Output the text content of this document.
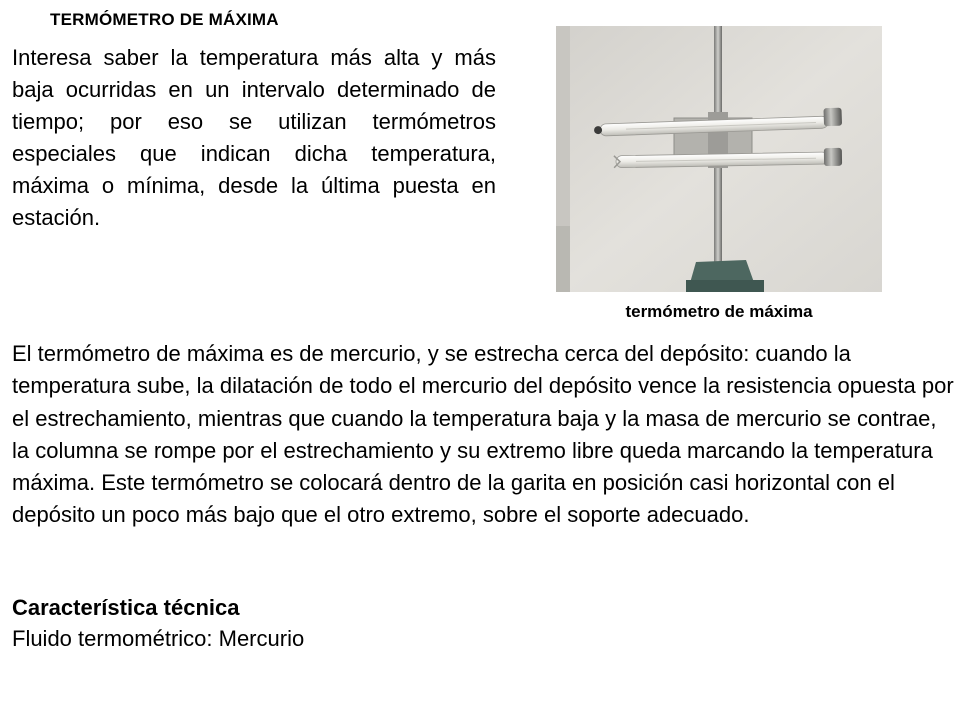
TERMÓMETRO DE MÁXIMA

Interesa saber la temperatura más alta y más baja ocurridas en un intervalo determinado de tiempo; por eso se utilizan termómetros especiales que indican dicha temperatura, máxima o mínima, desde la última puesta en estación.

termómetro de máxima

El termómetro de máxima es de mercurio, y se estrecha cerca del depósito: cuando la temperatura sube, la dilatación de todo el mercurio del depósito vence la resistencia opuesta por el estrechamiento, mientras que cuando la temperatura baja y la masa de mercurio se contrae, la columna se rompe por el estrechamiento y su extremo libre queda marcando la temperatura máxima. Este termómetro se colocará dentro de la garita en posición casi horizontal con el depósito un poco más bajo que el otro extremo, sobre el soporte adecuado.

Característica técnica

Fluido termométrico: Mercurio
